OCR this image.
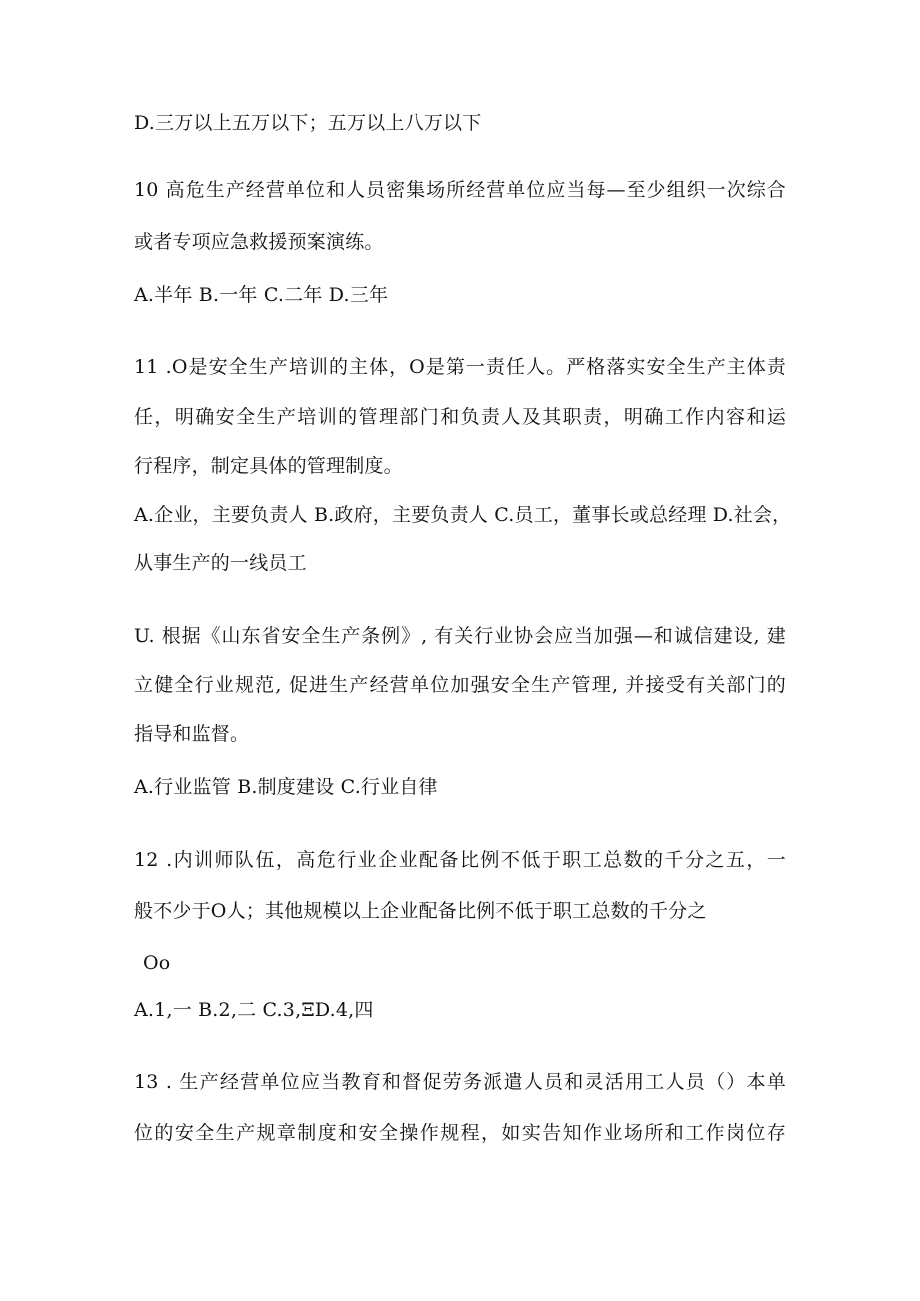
D.三万以上五万以下；五万以上八万以下
10 高危生产经营单位和人员密集场所经营单位应当每—至少组织一次综合
或者专项应急救援预案演练。
A.半年 B.一年 C.二年 D.三年
11 .O是安全生产培训的主体，O是第一责任人。严格落实安全生产主体责
任，明确安全生产培训的管理部门和负责人及其职责，明确工作内容和运
行程序，制定具体的管理制度。
A.企业，主要负责人 B.政府，主要负责人 C.员工，董事长或总经理 D.社会，
从事生产的一线员工
U. 根据《山东省安全生产条例》, 有关行业协会应当加强—和诚信建设, 建
立健全行业规范, 促进生产经营单位加强安全生产管理, 并接受有关部门的
指导和监督。
A.行业监管 B.制度建设 C.行业自律
12 .内训师队伍，高危行业企业配备比例不低于职工总数的千分之五，一
般不少于O人；其他规模以上企业配备比例不低于职工总数的千分之
Oo
A.1,一 B.2,二 C.3,ΞD.4,四
13 . 生产经营单位应当教育和督促劳务派遣人员和灵活用工人员（）本单
位的安全生产规章制度和安全操作规程，如实告知作业场所和工作岗位存
